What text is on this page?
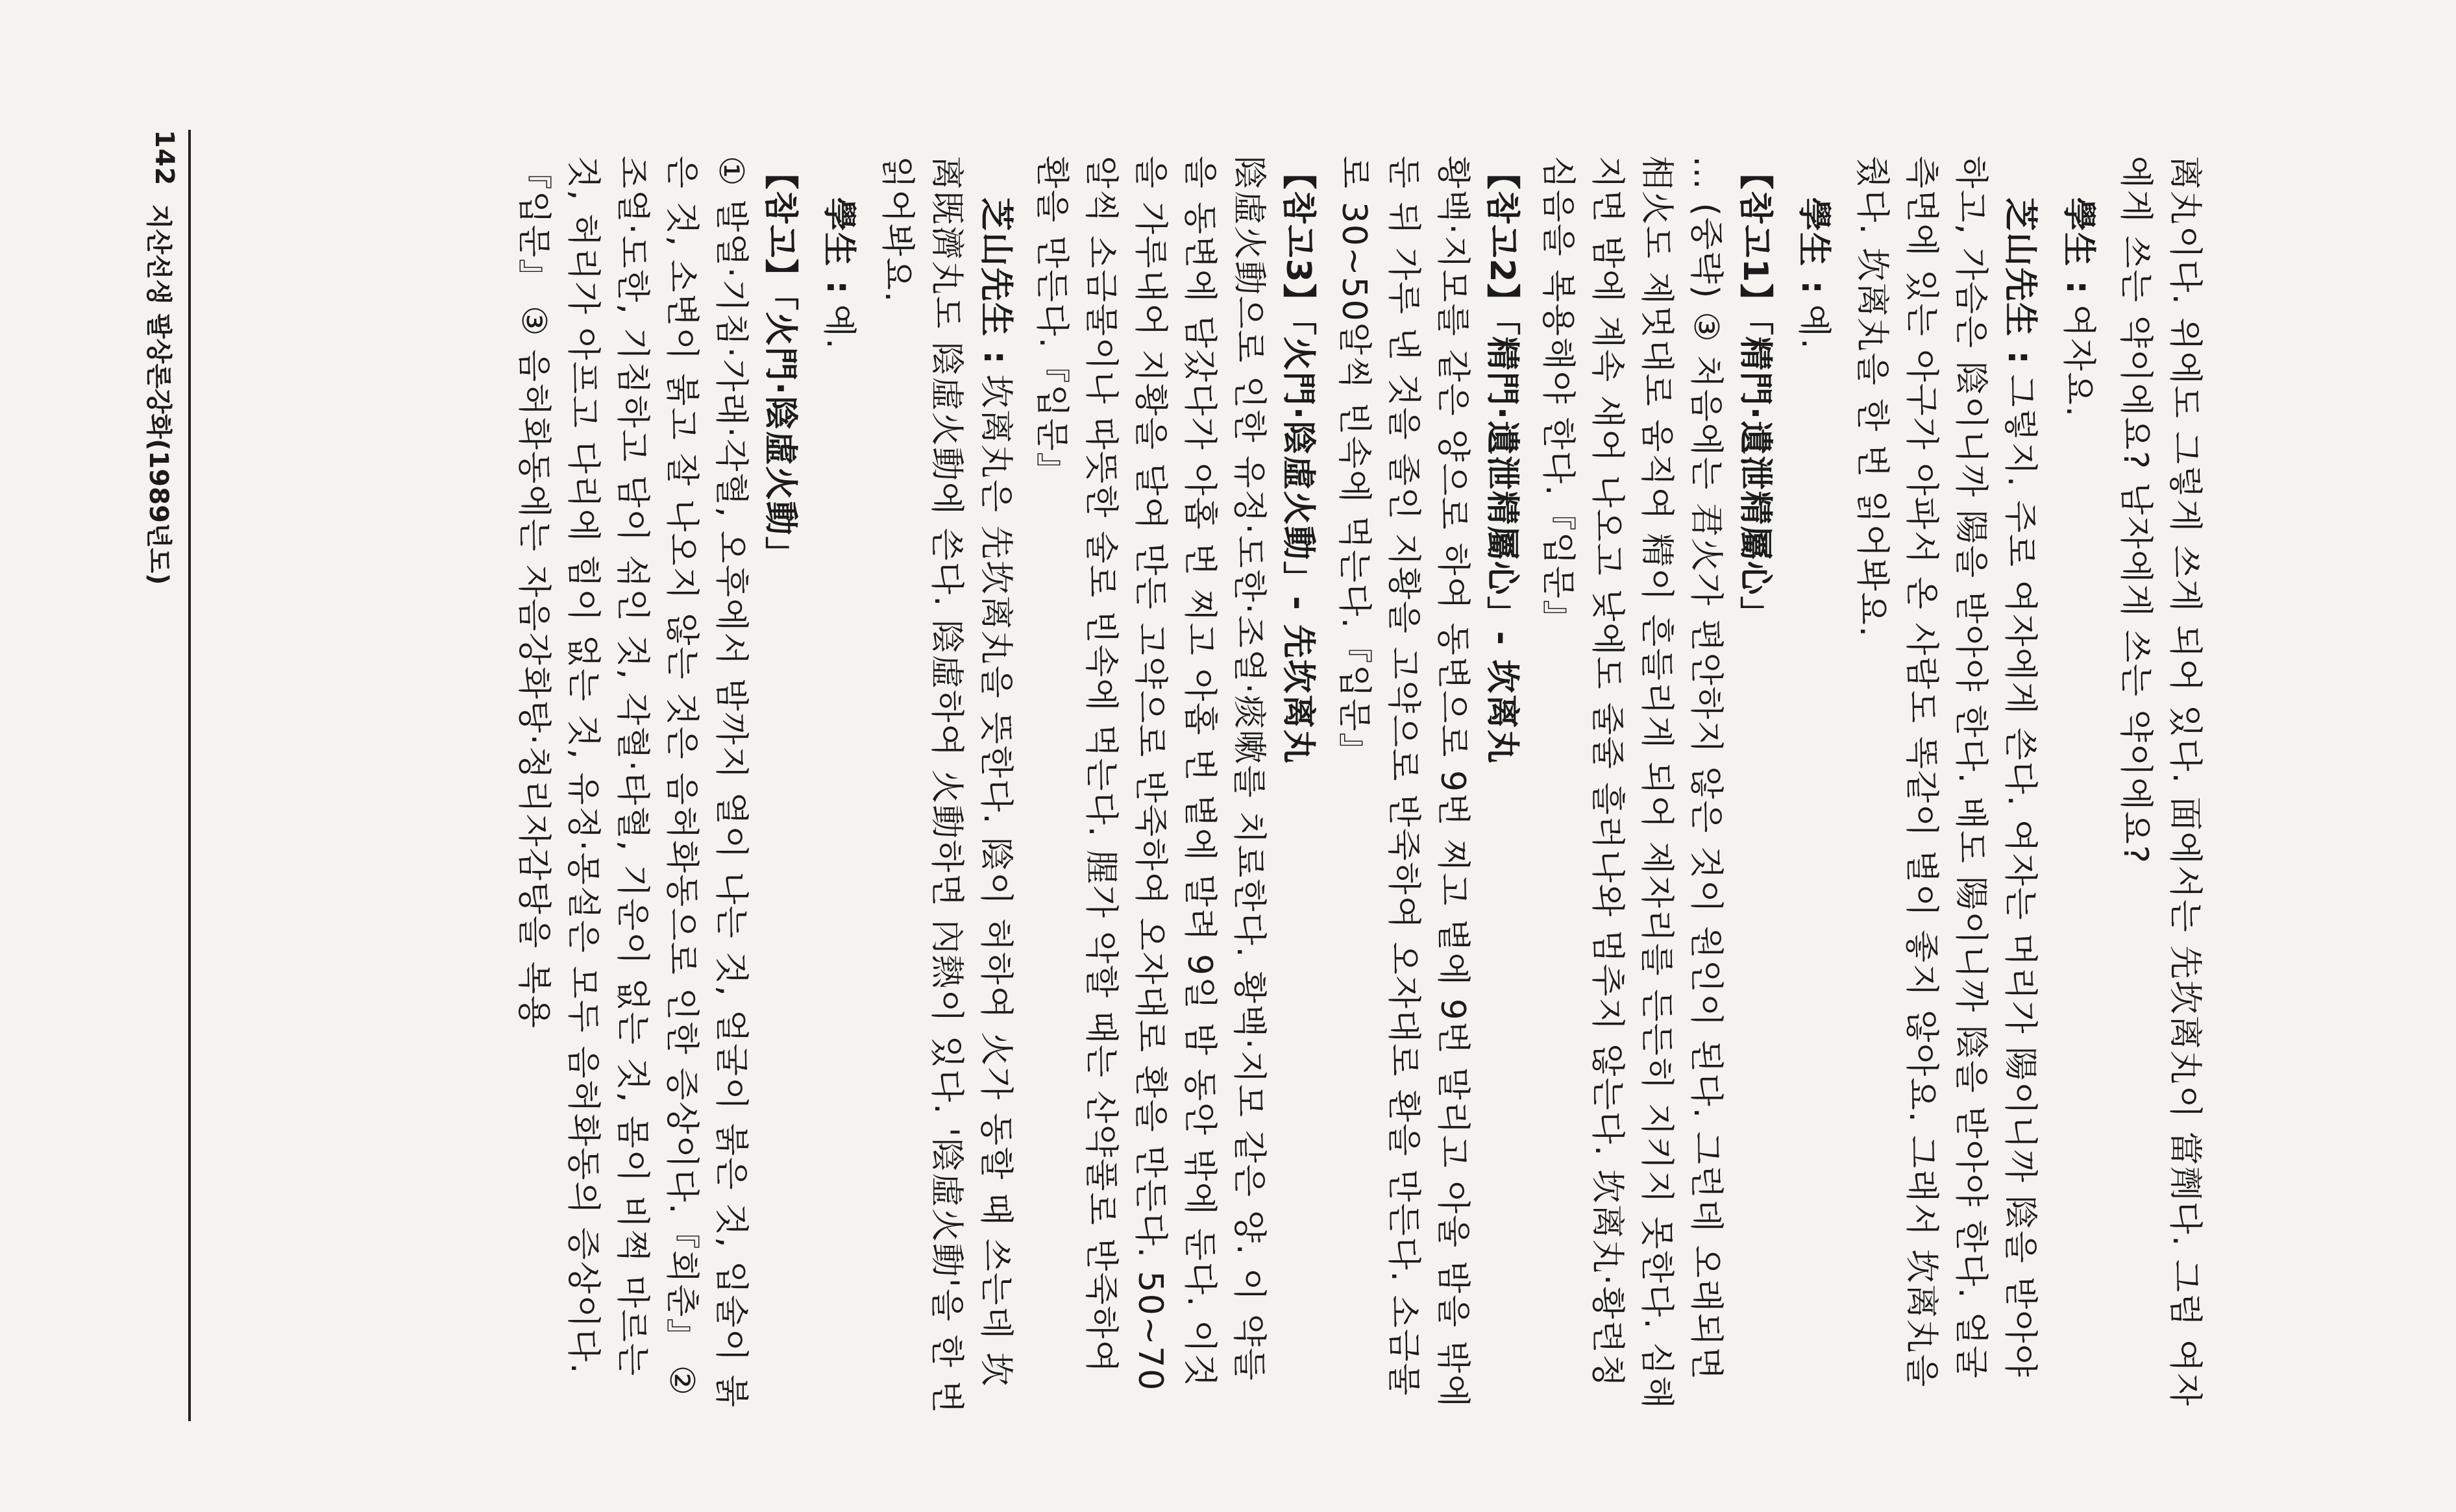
离丸이다. 위에도 그렇게 쓰게 되어 있다. 面에서는 先坎离丸이 當劑다. 그럼 여자에게 쓰는 약이에요? 남자에게 쓰는 약이에요?

學生 :여자요.

芝山先生 :그렇지. 주로 여자에게 쓴다. 여자는 머리가 陽이니까 陰을 받아야 하고, 가슴은 陰이니까 陽을 받아야 한다. 배도 陽이니까 陰을 받아야 한다. 얼굴 측면에 있는 아구가 아파서 온 사람도 똑같이 별이 좋지 않아요. 그래서 坎离丸을 줬다. 坎离丸을 한 번 읽어봐요.

學生 :예.

【참고1】「精門·遺泄精屬心」

… (중략) ③ 처음에는 君火가 편안하지 않은 것이 원인이 된다. 그런데 오래되면 相火도 제멋대로 움직여 精이 흔들리게 되어 제자리를 든든히 지키지 못한다. 심해지면 밤에 계속 새어 나오고 낮에도 줄줄 흘러나와 멈추지 않는다. 坎离丸·황련청심음을 복용해야 한다.『입문』

【참고2】「精門·遺泄精屬心」- 坎离丸

황백·지모를 같은 양으로 하여 동변으로 9번 찌고 볕에 9번 말리고 아울 밤을 밖에 둔 뒤 가루 낸 것을 졸인 지황을 고약으로 반죽하여 오자대로 환을 만든다. 소금물로 30~50알씩 빈속에 먹는다.『입문』

【참고3】「火門·陰虛火動」- 先坎离丸

陰虛火動으로 인한 유정·도한·조열·痰嗽를 치료한다. 황백·지모 같은 양. 이 약들을 동변에 담갔다가 아홉 번 찌고 아홉 번 볕에 말려 9일 밤 동안 밖에 둔다. 이것을 가루내어 지황을 달여 만든 고약으로 반죽하여 오자대로 환을 만든다. 50~70알씩 소금물이나 따뜻한 술로 빈속에 먹는다. 腥가 악할 때는 산약풀로 반죽하여 환을 만든다.『입문』

芝山先生 :坎离丸은 先坎离丸을 뜻한다. 陰이 허하여 火가 동할 때 쓰는데 坎离既濟丸도 陰虛火動에 쓴다. 陰虛하여 火動하면 內熱이 있다. '陰虛火動'을 한 번 읽어봐요.

學生 :예.

【참고】「火門·陰虛火動」

① 발열·기침·가래·각혈, 오후에서 밤까지 열이 나는 것, 얼굴이 붉은 것, 입술이 붉은 것, 소변이 붉고 잘 나오지 않는 것은 음허화동으로 인한 증상이다.『회춘』 ② 조열·도한, 기침하고 담이 섞인 것, 각혈·타혈, 기운이 없는 것, 몸이 비쩍 마르는 것, 허리가 아프고 다리에 힘이 없는 것, 유정·몽설은 모두 음허화동의 증상이다.『입문』 ③ 음허화동에는 자음강화탕·청리자감탕을 복용

142
지산선생 팔상론강화(1989년도)
